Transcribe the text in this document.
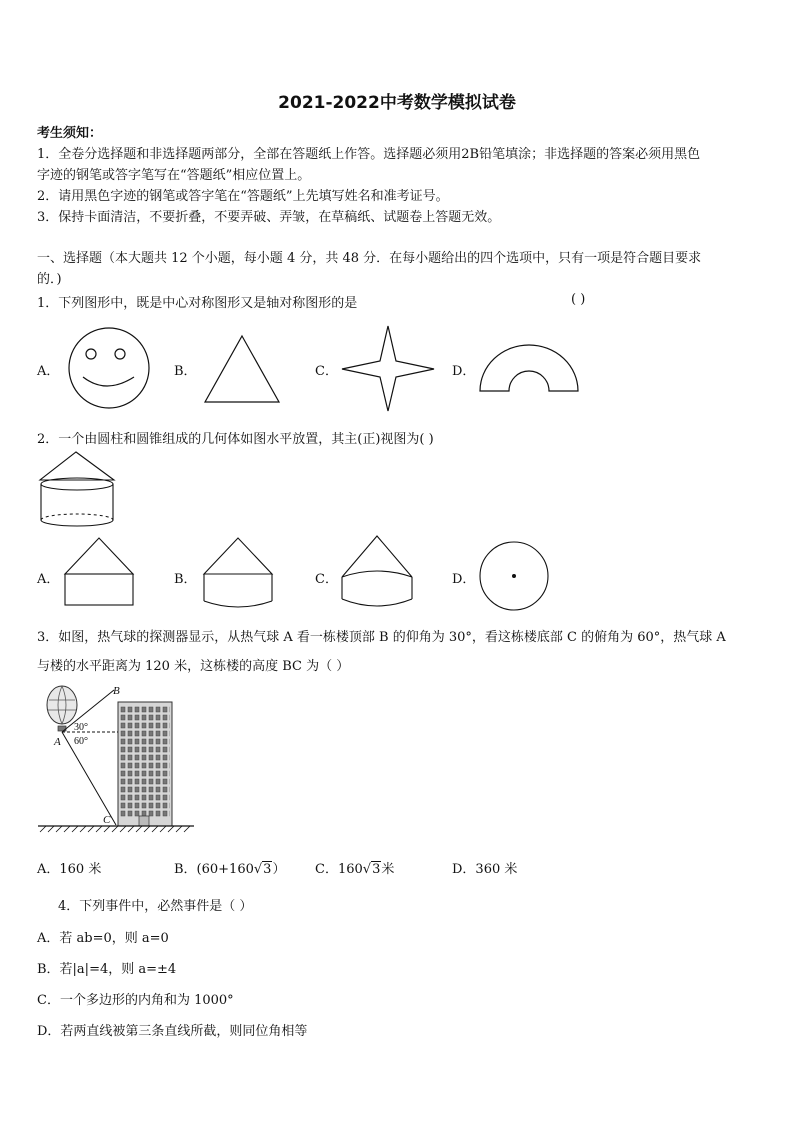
2021-2022中考数学模拟试卷
考生须知：
1．全卷分选择题和非选择题两部分，全部在答题纸上作答。选择题必须用2B铅笔填涂；非选择题的答案必须用黑色
字迹的钢笔或答字笔写在“答题纸”相应位置上。
2．请用黑色字迹的钢笔或答字笔在“答题纸”上先填写姓名和准考证号。
3．保持卡面清洁，不要折叠，不要弄破、弄皱，在草稿纸、试题卷上答题无效。
一、选择题（本大题共 12 个小题，每小题 4 分，共 48 分．在每小题给出的四个选项中，只有一项是符合题目要求
的．)
1．下列图形中，既是中心对称图形又是轴对称图形的是	( )
A．	B．	C．	D．
2．一个由圆柱和圆锥组成的几何体如图水平放置，其主(正)视图为( )
A．	B．	C．	D．
3．如图，热气球的探测器显示，从热气球 A 看一栋楼顶部 B 的仰角为 30°，看这栋楼底部 C 的俯角为 60°，热气球 A
与楼的水平距离为 120 米，这栋楼的高度 BC 为（ ）
B
A
C
30°
60°
A．160 米	B．(60+160√3） C．160√3米	D．360 米
4．下列事件中，必然事件是（ ）
A．若 ab=0，则 a=0
B．若|a|=4，则 a=±4
C．一个多边形的内角和为 1000°
D．若两直线被第三条直线所截，则同位角相等
